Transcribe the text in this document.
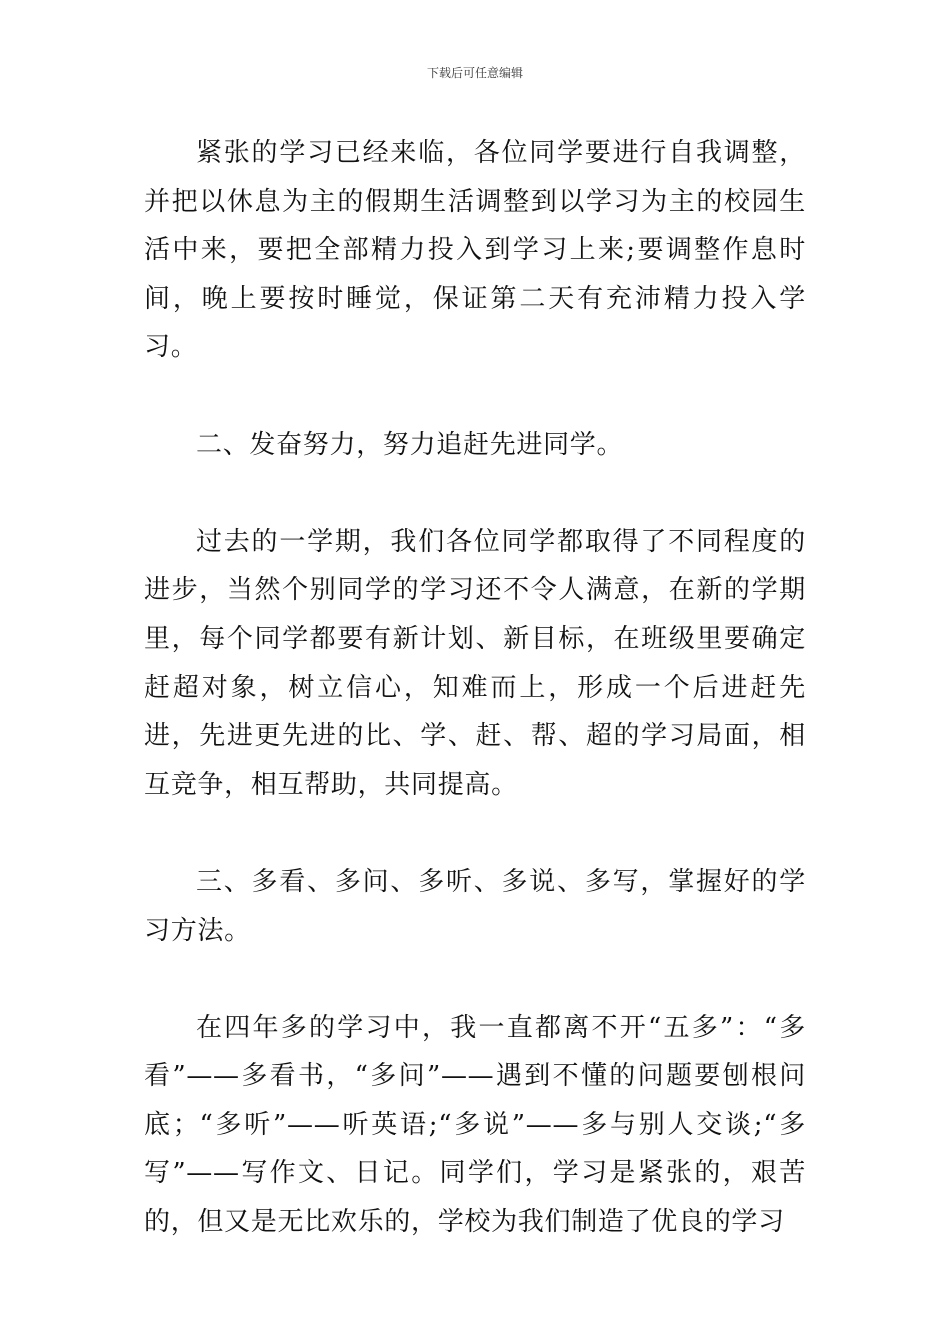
下载后可任意编辑

紧张的学习已经来临，各位同学要进行自我调整，并把以休息为主的假期生活调整到以学习为主的校园生活中来，要把全部精力投入到学习上来;要调整作息时间，晚上要按时睡觉，保证第二天有充沛精力投入学习。

二、发奋努力，努力追赶先进同学。

过去的一学期，我们各位同学都取得了不同程度的进步，当然个别同学的学习还不令人满意，在新的学期里，每个同学都要有新计划、新目标，在班级里要确定赶超对象，树立信心，知难而上，形成一个后进赶先进，先进更先进的比、学、赶、帮、超的学习局面，相互竞争，相互帮助，共同提高。

三、多看、多问、多听、多说、多写，掌握好的学习方法。

在四年多的学习中，我一直都离不开“五多”：“多看”——多看书，“多问”——遇到不懂的问题要刨根问底；“多听”——听英语;“多说”——多与别人交谈;“多写”——写作文、日记。同学们，学习是紧张的，艰苦的，但又是无比欢乐的，学校为我们制造了优良的学习
